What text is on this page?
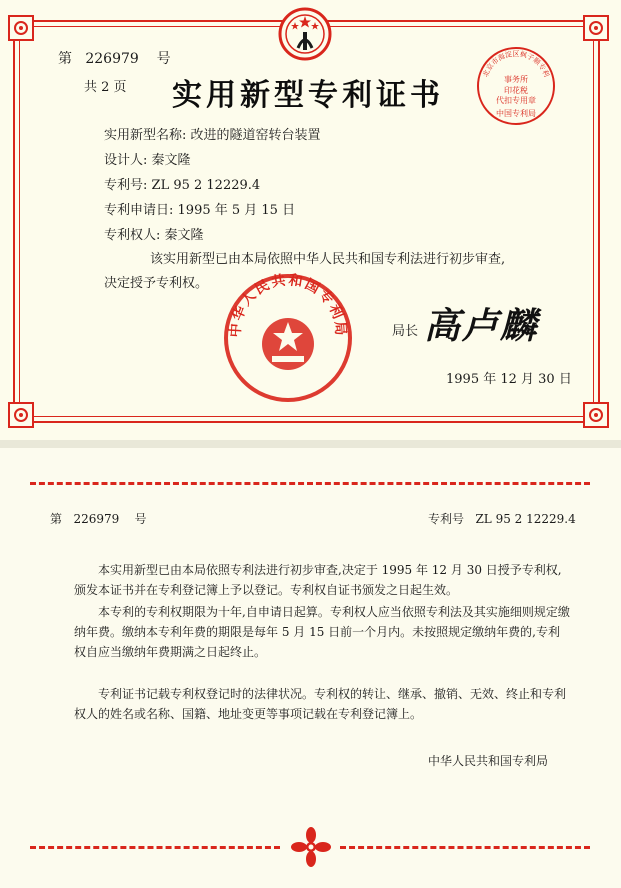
第 226979 号
共 2 页 实用新型专利证书
北京市海淀区枫子顺专利
事务所
印花税
代扣专用章
中国专利局
实用新型名称: 改进的隧道窑转台装置
设计人: 秦文隆
专利号: ZL 95 2 12229.4
专利申请日: 1995 年 5 月 15 日
专利权人: 秦文隆
该实用新型已由本局依照中华人民共和国专利法进行初步审查,
决定授予专利权。
中华人民共和国专利局	局长 高卢麟
1995 年 12 月 30 日
第 226979 号	专利号 ZL 95 2 12229.4
本实用新型已由本局依照专利法进行初步审查,决定于 1995 年 12 月 30 日授予专利权,颁发本证书并在专利登记簿上予以登记。专利权自证书颁发之日起生效。
本专利的专利权期限为十年,自申请日起算。专利权人应当依照专利法及其实施细则规定缴纳年费。缴纳本专利年费的期限是每年 5 月 15 日前一个月内。未按照规定缴纳年费的,专利权自应当缴纳年费期满之日起终止。
专利证书记载专利权登记时的法律状况。专利权的转让、继承、撤销、无效、终止和专利权人的姓名或名称、国籍、地址变更等事项记载在专利登记簿上。
中华人民共和国专利局
